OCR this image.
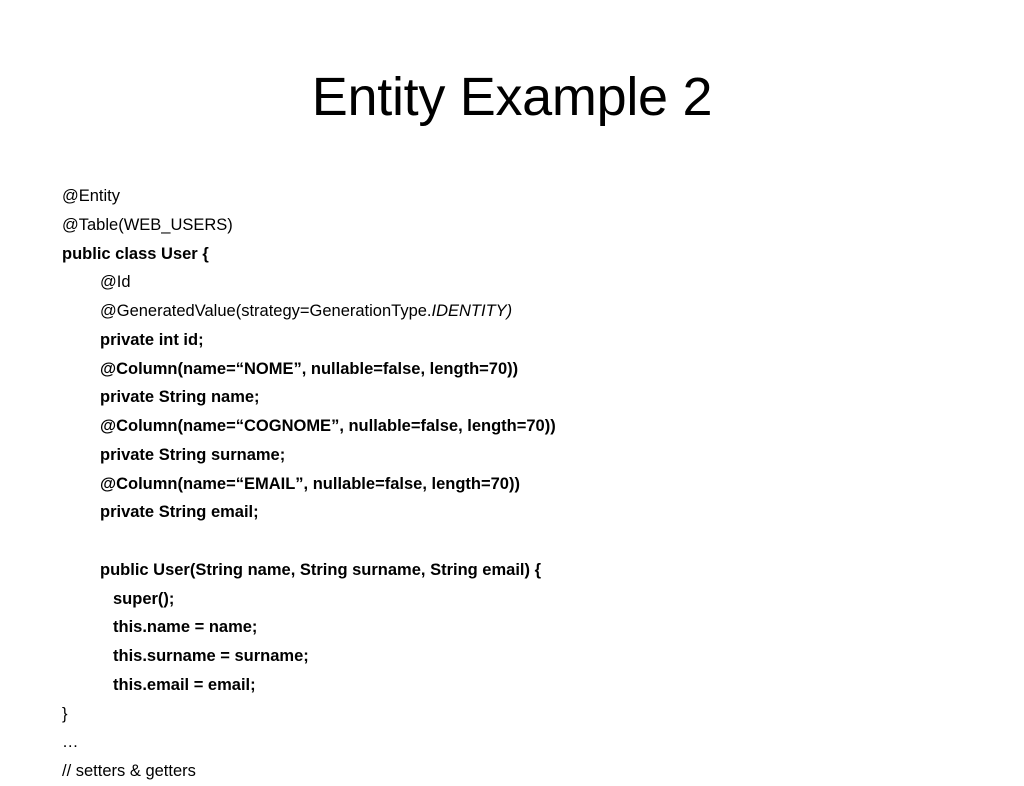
Entity Example 2
@Entity
@Table(WEB_USERS)
public class User {
@Id
@GeneratedValue(strategy=GenerationType.IDENTITY)
private int id;
@Column(name=“NOME”, nullable=false, length=70))
private String name;
@Column(name=“COGNOME”, nullable=false, length=70))
private String surname;
@Column(name=“EMAIL”, nullable=false, length=70))
private String email;
public User(String name, String surname, String email) {
super();
this.name = name;
this.surname = surname;
this.email = email;
}
…
// setters & getters
